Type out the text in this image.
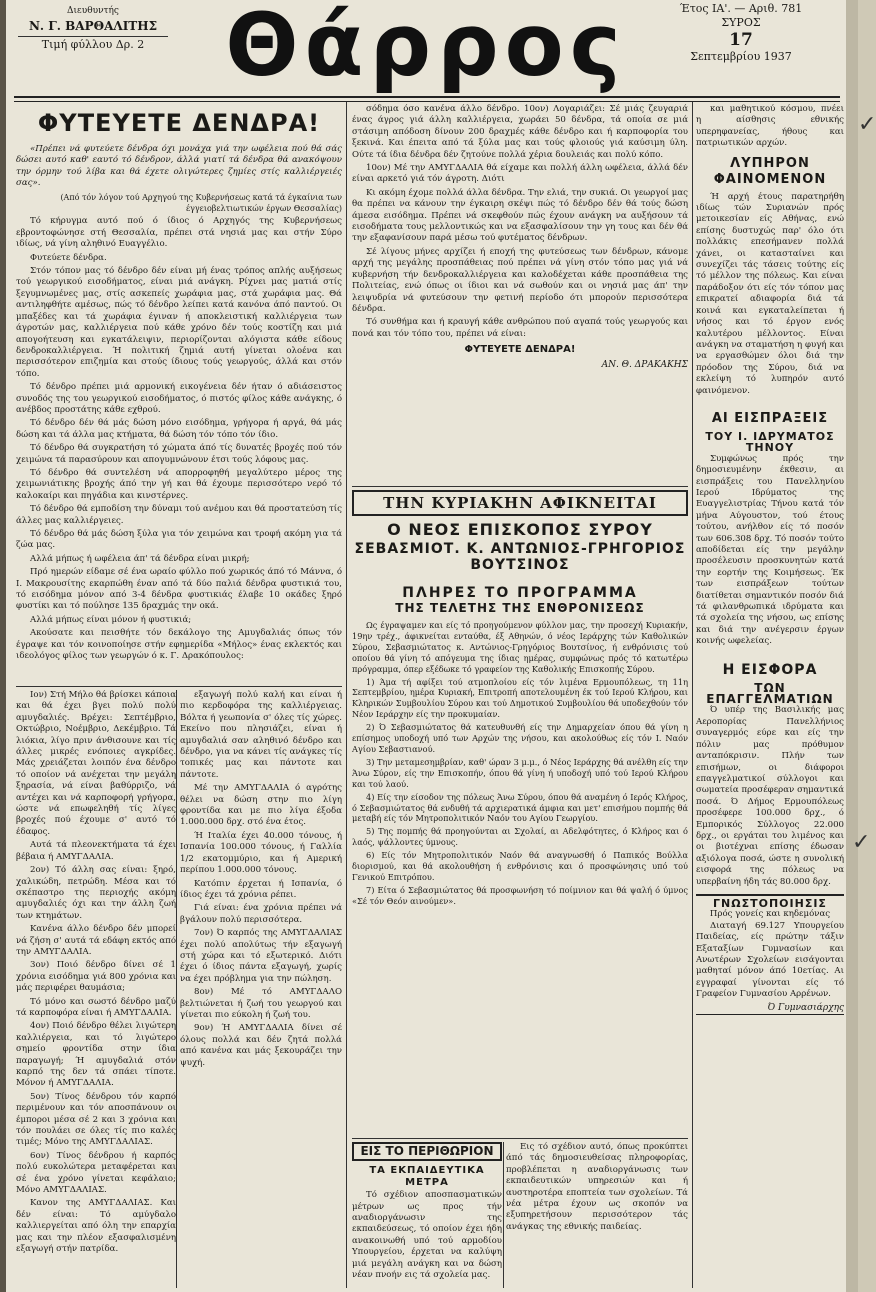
Διευθυντής
Ν. Γ. ΒΑΡΘΑΛΙΤΗΣ
Τιμή φύλλου Δρ. 2 Θάρρος	Έτος ΙΑ'. — Αριθ. 781
ΣΥΡΟΣ
17
Σεπτεμβρίου 1937
ΦΥΤΕΥΕΤΕ ΔΕΝΔΡΑ!

«Πρέπει νά φυτεύετε δένδρα όχι μονάχα γιά την ωφέλεια πού θά σάς δώσει αυτό καθ' εαυτό τό δένδρον, άλλά γιατί τά δένδρα θά ανακόψουν την όρμην τού λίβα και θά έχετε ολιγώτερες ζημίες στίς καλλιέργειές σας».

(Από τόν λόγον τού Αρχηγού της Κυβερνήσεως κατά τά έγκαίνια των έγγειοβελτιωτικών έργων Θεσσαλίας)

Τό κήρυγμα αυτό πού ό ίδιος ό Αρχηγός της Κυβερνήσεως εβροντοφώνησε στή Θεσσαλία, πρέπει στά νησιά μας και στήν Σύρο ιδίως, νά γίνη αληθινό Ευαγγέλιο.

Φυτεύετε δένδρα.

Στόν τόπον μας τό δένδρο δέν είναι μή ένας τρόπος απλής αυξήσεως τού γεωργικού εισοδήματος, είναι μιά ανάγκη. Ρίχνει μας ματιά στίς ξεγυμνωμένες μας, στίς ασκεπείς χωράφια μας, στά χωράφια μας. Θά αντιληφθήτε αμέσως, πώς τό δένδρο λείπει κατά κανόνα άπό παντού. Οι μπαξέδες και τά χωράφια έγιναν ή αποκλειστική καλλιέργεια των άγροτών μας, καλλιέργεια πού κάθε χρόνο δέν τούς κοστίζη και μιά απογοήτευση και εγκατάλειψιν, περιορίζονται αλόγιστα κάθε είδους δενδροκαλλιέργεια. Ή πολιτική ζημιά αυτή γίνεται ολοένα και περισσότερον επιζημία και στούς ίδιους τούς γεωργούς, άλλά και στόν τόπο.

Τό δένδρο πρέπει μιά αρμονική εικογένεια δέν ήταν ό αδιάσειστος συνοδός της του γεωργικού εισοδήματος, ό πιστός φίλος κάθε ανάγκης, ό ανέβδος προστάτης κάθε εχθρού.

Τό δένδρο δέν θά μάς δώση μόνο εισόδημα, γρήγορα ή αργά, θά μάς δώση και τά άλλα μας κτήματα, θά δώση τόν τόπο τόν ίδιο.

Τό δένδρο θά συγκρατήση τό χώματα άπό τίς δυνατές βροχές πού τόν χειμώνα τά παρασύρουν και απογυμνώνουν έτσι τούς λόφους μας.

Τό δένδρο θά συντελέση νά απορροφηθή μεγαλύτερο μέρος της χειμωνιάτικης βροχής άπό την γή και θά έχουμε περισσότερο νερό τό καλοκαίρι και πηγάδια και κινστέρνες.

Τό δένδρο θά εμποδίση την δύναμι τού ανέμου και θά προστατεύση τίς άλλες μας καλλιέργειες.

Τό δένδρο θά μάς δώση ξύλα για τόν χειμώνα και τροφή ακόμη για τά ζώα μας.

Αλλά μήπως ή ωφέλεια άπ' τά δένδρα είναι μικρή;

Πρό ημερών είδαμε σέ ένα ωραίο φύλλο πού χωρικός άπό τό Μάννα, ό Ι. Μακρουσίτης εκαρπώθη έναν από τά δύο παλιά δένδρα φυστικιά του, τό εισόδημα μόνον από 3-4 δένδρα φυστικιάς έλαβε 10 οκάδες ξηρό φυστίκι και τό πούλησε 135 δραχμάς την οκά.

Αλλά μήπως είναι μόνον ή φυστικιά;

Ακούσατε και πεισθήτε τόν δεκάλογο της Αμυγδαλιάς όπως τόν έγραψε και τόν κοινοποίησε στήν εφημερίδα «Μήλος» ένας εκλεκτός και ιδεολόγος φίλος των γεωργών ό κ. Γ. Δρακόπουλος:

Ιον) Στή Μήλο θά βρίσκει κάποια και θά έχει βγει πολύ πολύ αμυγδαλιές. Βρέχει: Σεπτέμβριο, Οκτώβριο, Νοέμβριο, Δεκέμβριο. Τά λιόκια, λίγο πριν άνθισουνε και τίς άλλες μικρές ενόποιες αγκρίδες. Μάς χρειάζεται λοιπόν ένα δένδρο τό οποίον νά ανέχεται την μεγάλη ξηρασία, νά είναι βαθύρριζο, νά αντέχει και νά καρποφορή γρήγορα, ώστε νά επωφεληθή τίς λίγες βροχές πού έχουμε σ' αυτό τό έδαφος.

Αυτά τά πλεονεκτήματα τά έχει βέβαια ή ΑΜΥΓΔΑΛΙΑ.

2ον) Τό άλλη σας είναι: ξηρό, χαλικώδη, πετρώδη. Μέσα και τό σκέπαστρο της περιοχής ακόμη αμυγδαλιές όχι και την άλλη ζωή των κτημάτων.

Κανένα άλλο δένδρο δέν μπορεί νά ζήση σ' αυτά τά εδάφη εκτός από την ΑΜΥΓΔΑΛΙΑ.

3ον) Ποιό δένδρο δίνει σέ 1 χρόνια εισόδημα γιά 800 χρόνια και μάς περιφέρει θαυμάσια;

Τό μόνο και σωστό δένδρο μαζύ τά καρποφόρα είναι ή ΑΜΥΓΔΑΛΙΑ.

4ον) Ποιό δένδρο θέλει λιγώτερη καλλιέργεια, και τό λιγώτερο σημείο φροντίδα στην ίδια παραγωγή; Ή αμυγδαλιά στόν καρπό της δεν τά σπάει τίποτε. Μόνον ή ΑΜΥΓΔΑΛΙΑ.

5ον) Τίνος δένδρου τόν καρπό περιμένουν και τόν αποσπάνουν οι έμποροι μέσα σέ 2 και 3 χρόνια και τόν πουλάει σε όλες τίς πιο καλές τιμές; Μόνο της ΑΜΥΓΔΑΛΙΑΣ.

6ον) Τίνος δένδρου ή καρπός πολύ ευκολώτερα μεταφέρεται και σέ ένα χρόνο γίνεται κεφάλαιο; Μόνο ΑΜΥΓΔΑΛΙΑΣ.

Κανον της ΑΜΥΓΔΑΛΙΑΣ. Και δέν είναι: Τό αμύγδαλο καλλιεργείται από όλη την επαρχία μας και την πλέον εξασφαλισμένη εξαγωγή στήν πατρίδα.

εξαγωγή πολύ καλή και είναι ή πιο κερδοφόρα της καλλιέργειας. Βόλτα ή γεωπονία σ' όλες τίς χώρες. Εκείνο που πλησιάζει, είναι ή αμυγδαλιά σαν αληθινό δένδρο και δένδρο, για να κάνει τίς ανάγκες τίς τοπικές μας και πάντοτε και πάντοτε.

Μέ την ΑΜΥΓΔΑΛΙΑ ό αγρότης θέλει να δώση στην πιο λίγη φροντίδα και με πιο λίγα έξοδα 1.000.000 δρχ. στό ένα έτος.

Ή Ιταλία έχει 40.000 τόνους, ή Ισπανία 100.000 τόνους, ή Γαλλία 1/2 εκατομμύριο, και ή Αμερική περίπου 1.000.000 τόνους.

Κατόπιν έρχεται ή Ισπανία, ό ίδιος έχει τά χρόνια ρέπει.

Γιά είναι: ένα χρόνια πρέπει νά βγάλουν πολύ περισσότερα.

7ον) Ό καρπός της ΑΜΥΓΔΑΛΙΑΣ έχει πολύ απολύτως τήν εξαγωγή στή χώρα και τό εξωτερικό. Διότι έχει ό ίδιος πάντα εξαγωγή, χωρίς να έχει πρόβλημα για την πώληση.

8ον) Μέ τό ΑΜΥΓΔΑΛΟ βελτιώνεται ή ζωή του γεωργού και γίνεται πιο εύκολη ή ζωή του.

9ον) Ή ΑΜΥΓΔΑΛΙΑ δίνει σέ όλους πολλά και δέν ζητά πολλά από κανένα και μάς ξεκουράζει την ψυχή.

σόδημα όσο κανένα άλλο δένδρο. 10ον) Λογαριάζει: Σέ μιάς ζευγαριά ένας άγρος γιά άλλη καλλιέργεια, χωράει 50 δένδρα, τά οποία σε μιά στάσιμη απόδοση δίνουν 200 δραχμές κάθε δένδρο και ή καρποφορία του ξεκινά. Και έπειτα από τά ξύλα μας και τούς φλοιούς γιά καύσιμη ύλη. Ούτε τά ίδια δένδρα δέν ζητούνε πολλά χέρια δουλειάς και πολύ κόπο.

10ον) Μέ την ΑΜΥΓΔΑΛΙΑ θά είχαμε και πολλή άλλη ωφέλεια, άλλά δέν είναι αρκετό γιά τόν άγροτη. Διότι

Κι ακόμη έχομε πολλά άλλα δένδρα. Την ελιά, την συκιά. Οι γεωργοί μας θα πρέπει να κάνουν την έγκαιρη σκέψι πώς τό δένδρο δέν θά τούς δώση άμεσα εισόδημα. Πρέπει νά σκεφθούν πώς έχουν ανάγκη να αυξήσουν τά εισοδήματα τους μελλοντικώς και να εξασφαλίσουν την γη τους και δέν θά την εξαφανίσουν παρά μέσω τού φυτέματος δένδρων.

Σέ λίγους μήνες αρχίζει ή εποχή της φυτεύσεως των δένδρων, κάνομε αρχή της μεγάλης προσπάθειας πού πρέπει νά γίνη στόν τόπο μας γιά νά κυβερνήση τήν δενδροκαλλιέργεια και καλοδέχεται κάθε προσπάθεια της Πολιτείας, ενώ όπως οι ίδιοι και νά σωθούν και οι νησιά μας άπ' την λειψυδρία νά φυτεύσουν την φετινή περίοδο ότι μπορούν περισσότερα δένδρα.

Τό συνθήμα και ή κραυγή κάθε ανθρώπου πού αγαπά τούς γεωργούς και πονά και τόν τόπο του, πρέπει νά είναι:

ΦΥΤΕΥΕΤΕ ΔΕΝΔΡΑ!
ΑΝ. Θ. ΔΡΑΚΑΚΗΣ
ΤΗΝ ΚΥΡΙΑΚΗΝ ΑΦΙΚΝΕΙΤΑΙ
Ο ΝΕΟΣ ΕΠΙΣΚΟΠΟΣ ΣΥΡΟΥ
ΣΕΒΑΣΜΙΟΤ. Κ. ΑΝΤΩΝΙΟΣ-ΓΡΗΓΟΡΙΟΣ ΒΟΥΤΣΙΝΟΣ
ΠΛΗΡΕΣ ΤΟ ΠΡΟΓΡΑΜΜΑ
ΤΗΣ ΤΕΛΕΤΗΣ ΤΗΣ ΕΝΘΡΟΝΙΣΕΩΣ

Ως έγραψαμεν και είς τό προηγούμενον φύλλον μας, την προσεχή Κυριακήν, 19ην τρέχ., άφικνείται ενταύθα, έξ Αθηνών, ό νέος Ιεράρχης τών Καθολικών Σύρου, Σεβασμιώτατος κ. Αντώνιος-Γρηγόριος Βουτσίνος, ή ενθρόνισις τού οποίου θά γίνη τό απόγευμα της ίδιας ημέρας, συμφώνως πρός τό κατωτέρω πρόγραμμα, όπερ εξέδωκε τό γραφείον της Καθολικής Επισκοπής Σύρου.

1) Άμα τή αφίξει τού ατμοπλοίου είς τόν λιμένα Ερμουπόλεως, τη 11η Σεπτεμβρίου, ημέρα Κυριακή, Επιτροπή αποτελουμένη έκ τού Ιερού Κλήρου, και Κληρικών Συμβουλίου Σύρου και τού Δημοτικού Συμβουλίου θά υποδεχθούν τόν Νέον Ιεράρχην είς την προκυμαίαν.

2) Ό Σεβασμιώτατος θά κατευθυνθή είς την Δημαρχείαν όπου θά γίνη η επίσημος υποδοχή υπό των Αρχών της νήσου, και ακολούθως είς τόν Ι. Ναόν Αγίου Σεβαστιανού.

3) Την μεταμεσημβρίαν, καθ' ώραν 3 μ.μ., ό Νέος Ιεράρχης θά ανέλθη είς την Άνω Σύρον, είς την Επισκοπήν, όπου θά γίνη ή υποδοχή υπό τού Ιερού Κλήρου και τού λαού.

4) Είς την είσοδον της πόλεως Άνω Σύρου, όπου θά αναμένη ό Ιερός Κλήρος, ό Σεβασμιώτατος θά ενδυθή τά αρχιερατικά άμφια και μετ' επισήμου πομπής θά μεταβή είς τόν Μητροπολιτικόν Ναόν του Αγίου Γεωργίου.

5) Της πομπής θά προηγούνται αι Σχολαί, αι Αδελφότητες, ό Κλήρος και ό λαός, ψάλλοντες ύμνους.

6) Είς τόν Μητροπολιτικόν Ναόν θά αναγνωσθή ό Παπικός Βούλλα διορισμού, και θά ακολουθήση ή ενθρόνισις και ό προσφώνησις υπό τού Γενικού Επιτρόπου.

7) Είτα ό Σεβασμιώτατος θά προσφωνήση τό ποίμνιον και θά ψαλή ό ύμνος «Σέ τόν Θεόν αινούμεν».

ΕΙΣ ΤΟ ΠΕΡΙΘΩΡΙΟΝ
ΤΑ ΕΚΠΑΙΔΕΥΤΙΚΑ ΜΕΤΡΑ

Τό σχέδιον αποσπασματικών μέτρων ως προς τήν αναδιοργάνωσιν της εκπαιδεύσεως, τό οποίον έχει ήδη ανακοινωθή υπό τού αρμοδίου Υπουργείου, έρχεται να καλύψη μιά μεγάλη ανάγκη και να δώση νέαν πνοήν εις τά σχολεία μας.

Εις τό σχέδιον αυτό, όπως προκύπτει άπό τάς δημοσιευθείσας πληροφορίας, προβλέπεται η αναδιοργάνωσις των εκπαιδευτικών υπηρεσιών και ή αυστηροτέρα εποπτεία των σχολείων. Τά νέα μέτρα έχουν ως σκοπόν να εξυπηρετήσουν περισσότερον τάς ανάγκας της εθνικής παιδείας.

και μαθητικού κόσμου, πνέει η αίσθησις εθνικής υπερηφανείας, ήθους και πατριωτικών αρχών.

ΛΥΠΗΡΟΝ ΦΑΙΝΟΜΕΝΟΝ

Ή αρχή έτους παρατηρήθη ιδίως τών Συριανών πρός μετοικεσίαν είς Αθήνας, ενώ επίσης δυστυχώς παρ' όλο ότι πολλάκις επεσήμανεν πολλά χάνει, οι κατασταίνει και συνεχίζει τάς τάσεις τούτης είς τό μέλλον της πόλεως. Και είναι παράδοξον ότι είς τόν τόπον μας επικρατεί αδιαφορία διά τά κοινά και εγκαταλείπεται ή νήσος και τό έργον ενός καλυτέρου μέλλοντος. Είναι ανάγκη να σταματήση η φυγή και να εργασθώμεν όλοι διά την πρόοδον της Σύρου, διά να εκλείψη τό λυπηρόν αυτό φαινόμενον.

ΑΙ ΕΙΣΠΡΑΞΕΙΣ
ΤΟΥ Ι. ΙΔΡΥΜΑΤΟΣ ΤΗΝΟΥ

Συμφώνως πρός την δημοσιευμένην έκθεσιν, αι εισπράξεις του Πανελληνίου Ιερού Ιδρύματος της Ευαγγελιστρίας Τήνου κατά τόν μήνα Αύγουστον, τού έτους τούτου, ανήλθον είς τό ποσόν των 606.308 δρχ. Τό ποσόν τούτο αποδίδεται είς την μεγάλην προσέλευσιν προσκυνητών κατά την εορτήν της Κοιμήσεως. Έκ των εισπράξεων τούτων διατίθεται σημαντικόν ποσόν διά τά φιλανθρωπικά ιδρύματα και τά σχολεία της νήσου, ως επίσης και διά την ανέγερσιν έργων κοινής ωφελείας.

Η ΕΙΣΦΟΡΑ
ΤΩΝ ΕΠΑΓΓΕΛΜΑΤΙΩΝ

Ό υπέρ της Βασιλικής μας Αεροπορίας Πανελλήνιος συναγερμός εύρε και είς την πόλιν μας πρόθυμον ανταπόκρισιν. Πλήν των επισήμων, οι διάφοροι επαγγελματικοί σύλλογοι και σωματεία προσέφεραν σημαντικά ποσά. Ό Δήμος Ερμουπόλεως προσέφερε 100.000 δρχ., ό Εμπορικός Σύλλογος 22.000 δρχ., οι εργάται του λιμένος και οι βιοτέχναι επίσης έδωσαν αξιόλογα ποσά, ώστε η συνολική εισφορά της πόλεως να υπερβαίνη ήδη τάς 80.000 δρχ.

ΓΝΩΣΤΟΠΟΙΗΣΙΣ
Πρός γονείς και κηδεμόνας

Διαταγή 69.127 Υπουργείου Παιδείας, είς πρώτην τάξιν Εξαταξίων Γυμνασίων και Ανωτέρων Σχολείων εισάγονται μαθηταί μόνον άπό 10ετίας. Αι εγγραφαί γίνονται είς τό Γραφείον Γυμνασίου Αρρένων.

Ό Γυμνασιάρχης
✓
✓
